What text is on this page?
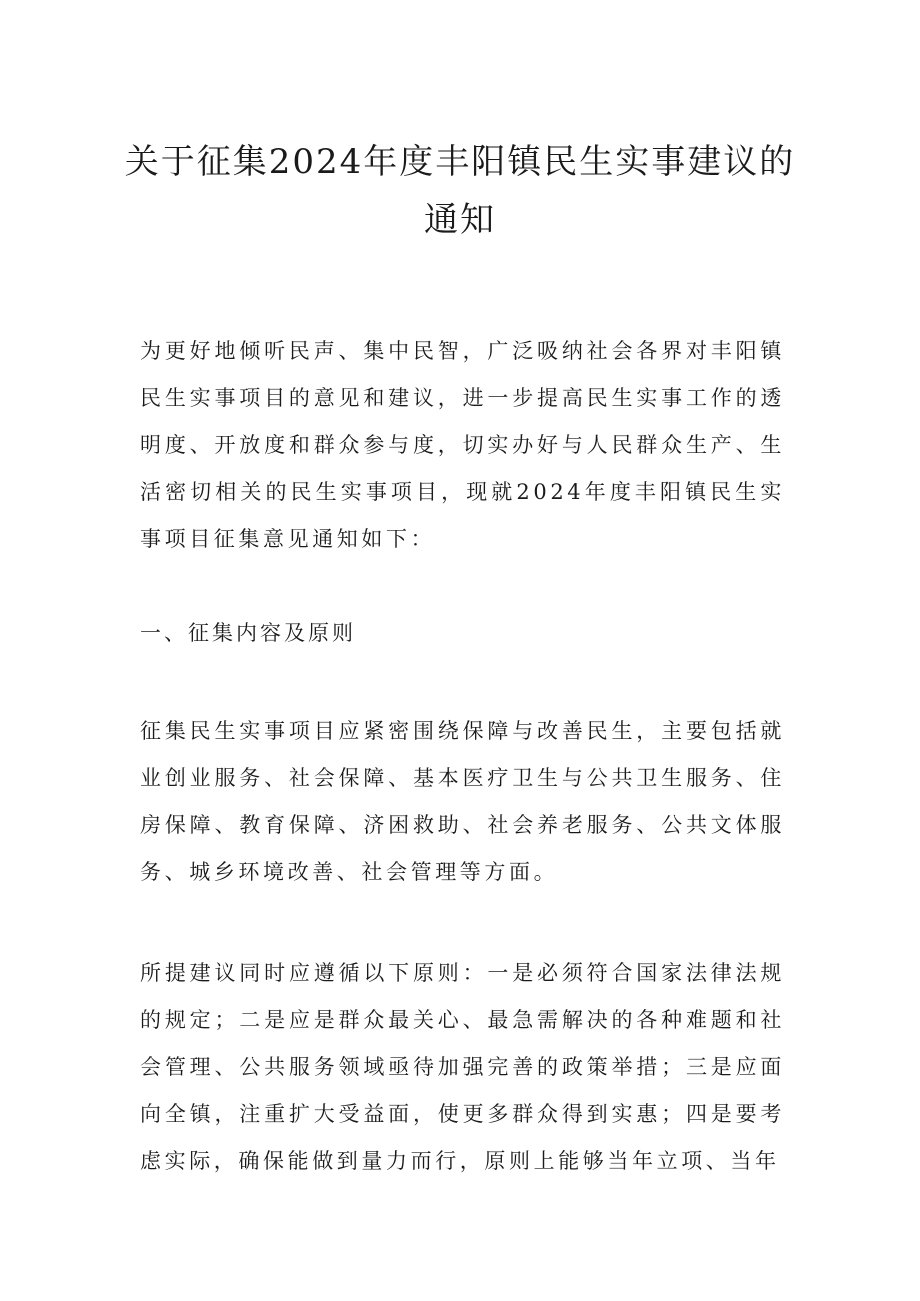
关于征集2024年度丰阳镇民生实事建议的
通知

为更好地倾听民声、集中民智，广泛吸纳社会各界对丰阳镇民生实事项目的意见和建议，进一步提高民生实事工作的透明度、开放度和群众参与度，切实办好与人民群众生产、生活密切相关的民生实事项目，现就2024年度丰阳镇民生实事项目征集意见通知如下：

一、征集内容及原则

征集民生实事项目应紧密围绕保障与改善民生，主要包括就业创业服务、社会保障、基本医疗卫生与公共卫生服务、住房保障、教育保障、济困救助、社会养老服务、公共文体服务、城乡环境改善、社会管理等方面。

所提建议同时应遵循以下原则：一是必须符合国家法律法规的规定；二是应是群众最关心、最急需解决的各种难题和社会管理、公共服务领域亟待加强完善的政策举措；三是应面向全镇，注重扩大受益面，使更多群众得到实惠；四是要考虑实际，确保能做到量力而行，原则上能够当年立项、当年
